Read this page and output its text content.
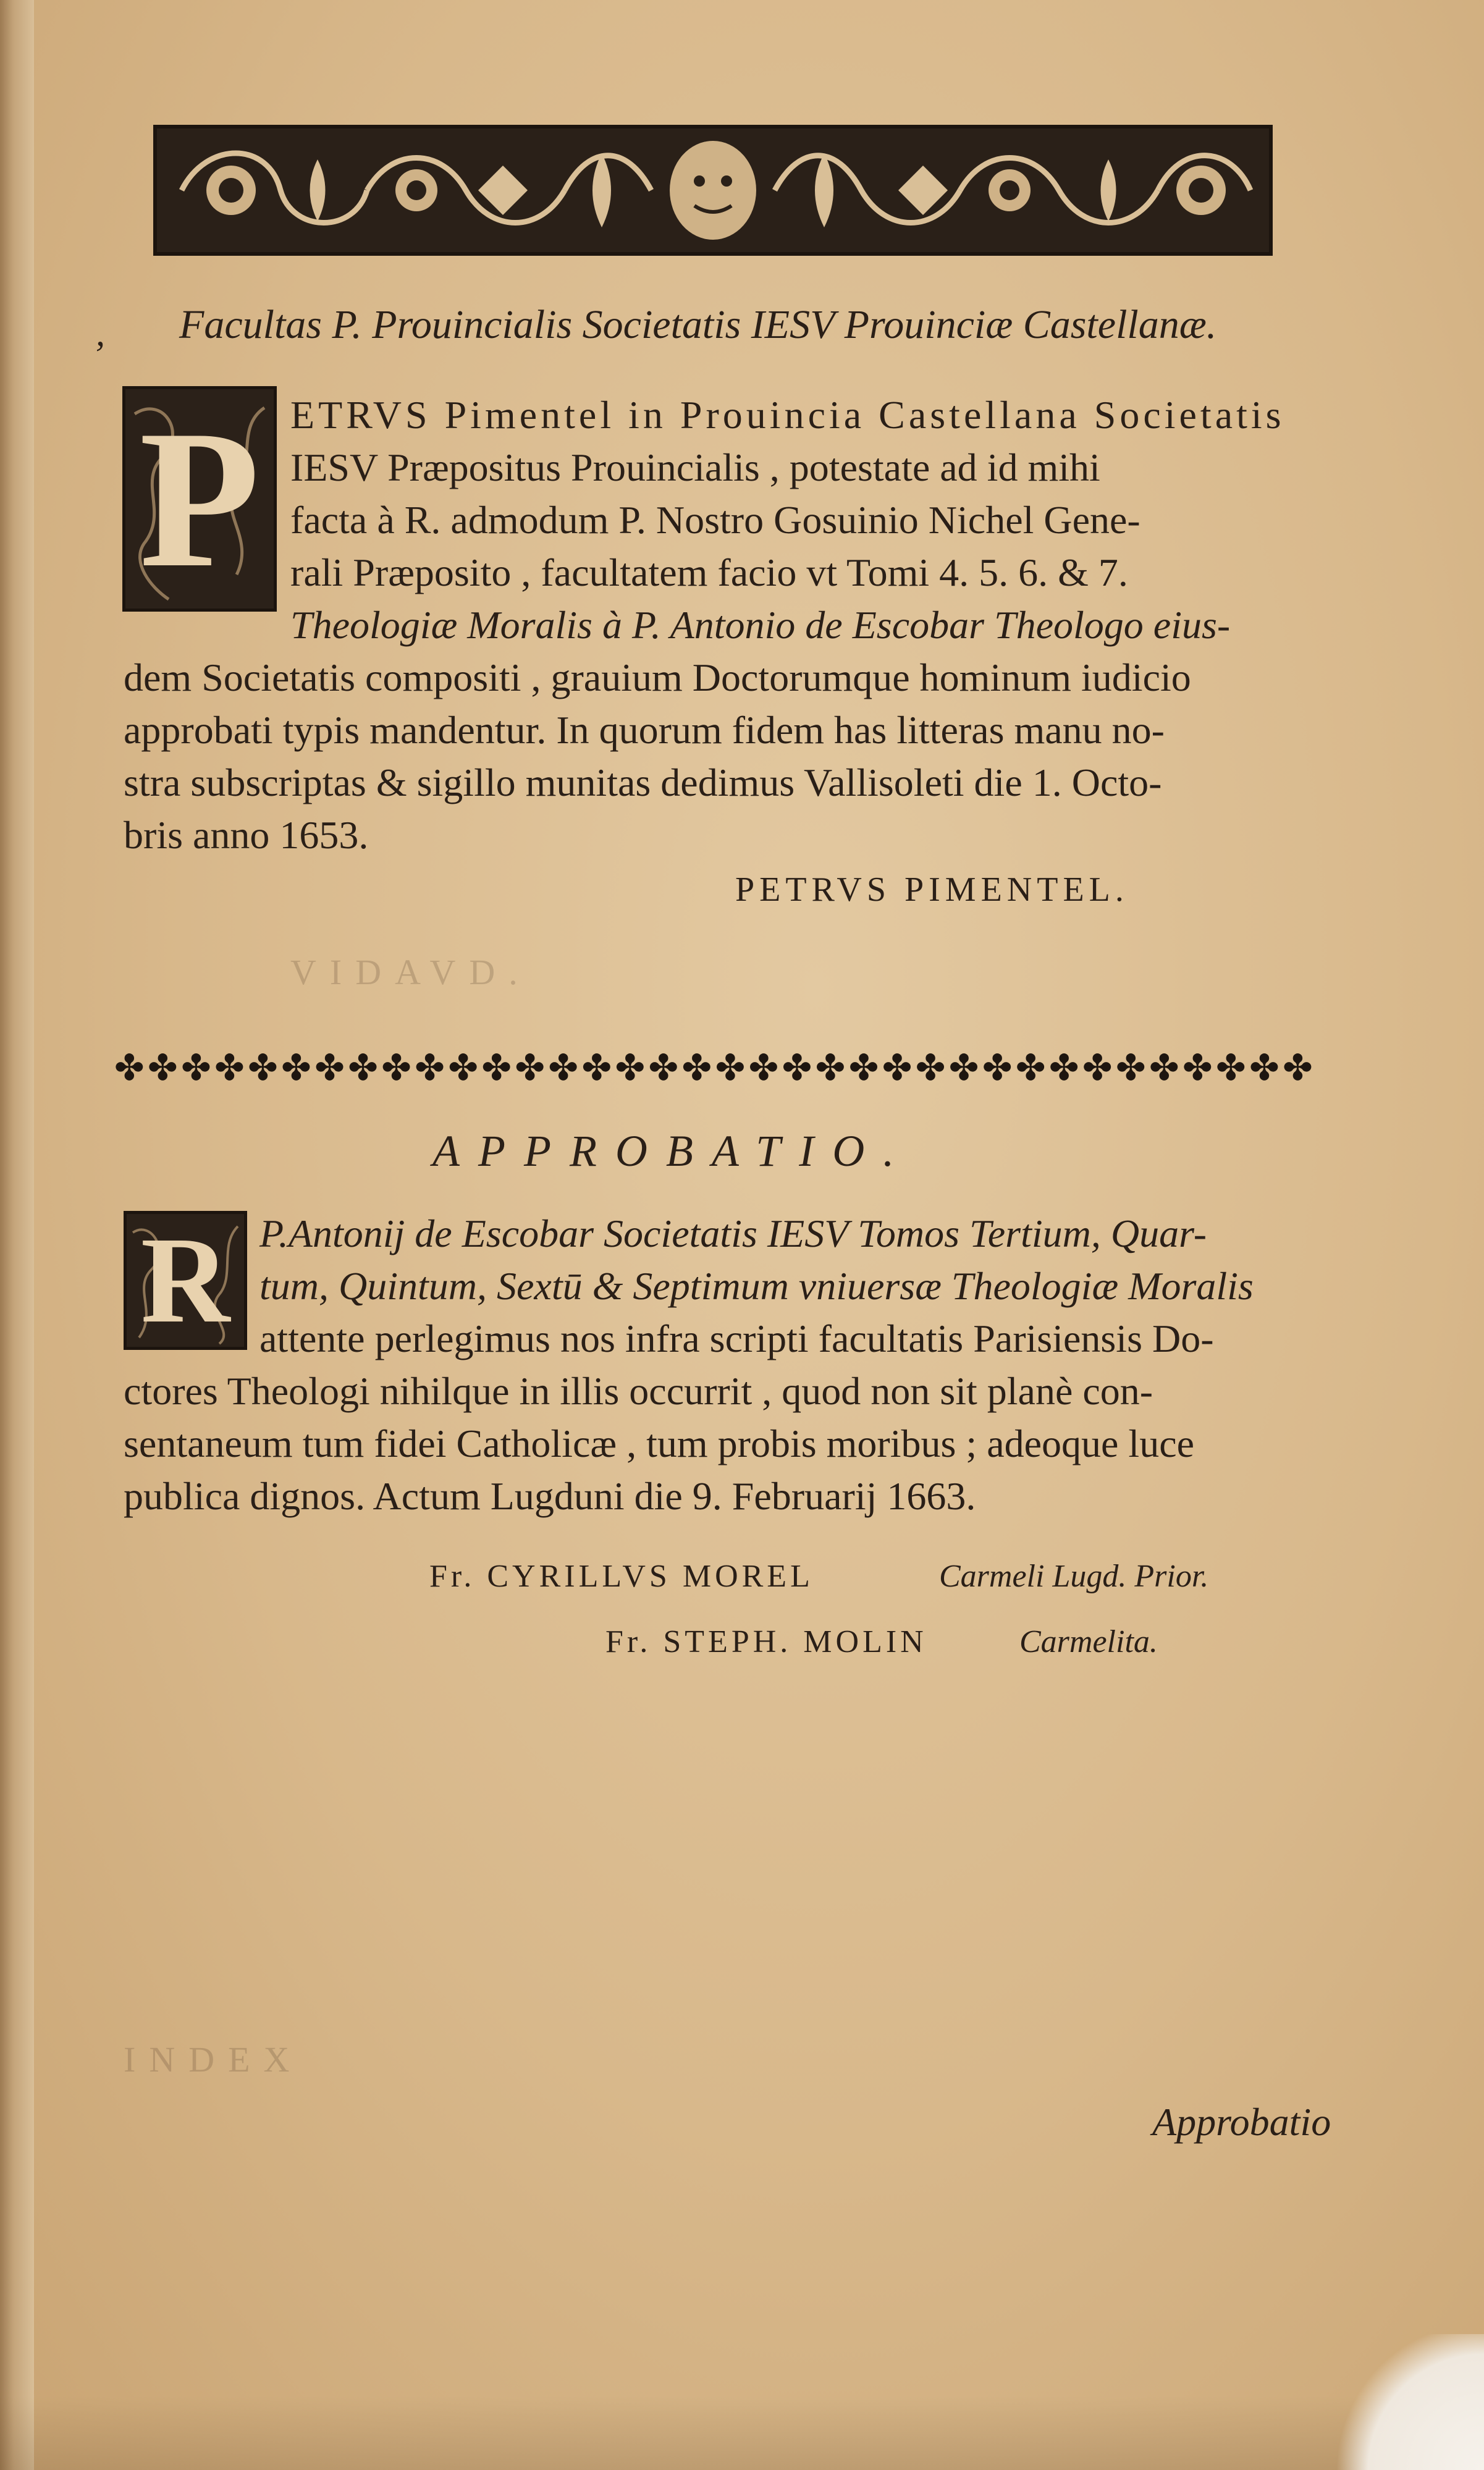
, Facultas P. Prouincialis Societatis IESV Prouinciæ Castellanæ.
P ETRVS Pimentel in Prouincia Castellana Societatis
IESV Præpositus Prouincialis , potestate ad id mihi
facta à R. admodum P. Nostro Gosuinio Nichel Gene-
rali Præposito , facultatem facio vt Tomi 4. 5. 6. & 7.
Theologiæ Moralis à P. Antonio de Escobar Theologo eius-
dem Societatis compositi , grauium Doctorumque hominum iudicio
approbati typis mandentur. In quorum fidem has litteras manu no-
stra subscriptas & sigillo munitas dedimus Vallisoleti die 1. Octo-
bris anno 1653.
PETRVS PIMENTEL.
VIDAVD.
✤ ✤ ✤ ✤ ✤ ✤ ✤ ✤ ✤ ✤ ✤ ✤ ✤ ✤ ✤ ✤ ✤ ✤ ✤ ✤ ✤ ✤ ✤ ✤ ✤ ✤ ✤ ✤ ✤ ✤ ✤ ✤ ✤ ✤ ✤ ✤
APPROBATIO.
R P.Antonij de Escobar Societatis IESV Tomos Tertium, Quar-
tum, Quintum, Sextū & Septimum vniuersæ Theologiæ Moralis
attente perlegimus nos infra scripti facultatis Parisiensis Do-
ctores Theologi nihilque in illis occurrit , quod non sit planè con-
sentaneum tum fidei Catholicæ , tum probis moribus ; adeoque luce
publica dignos. Actum Lugduni die 9. Februarij 1663.
Fr. CYRILLVS MOREL	Carmeli Lugd. Prior.
Fr. STEPH. MOLIN	Carmelita.
INDEX
Approbatio
